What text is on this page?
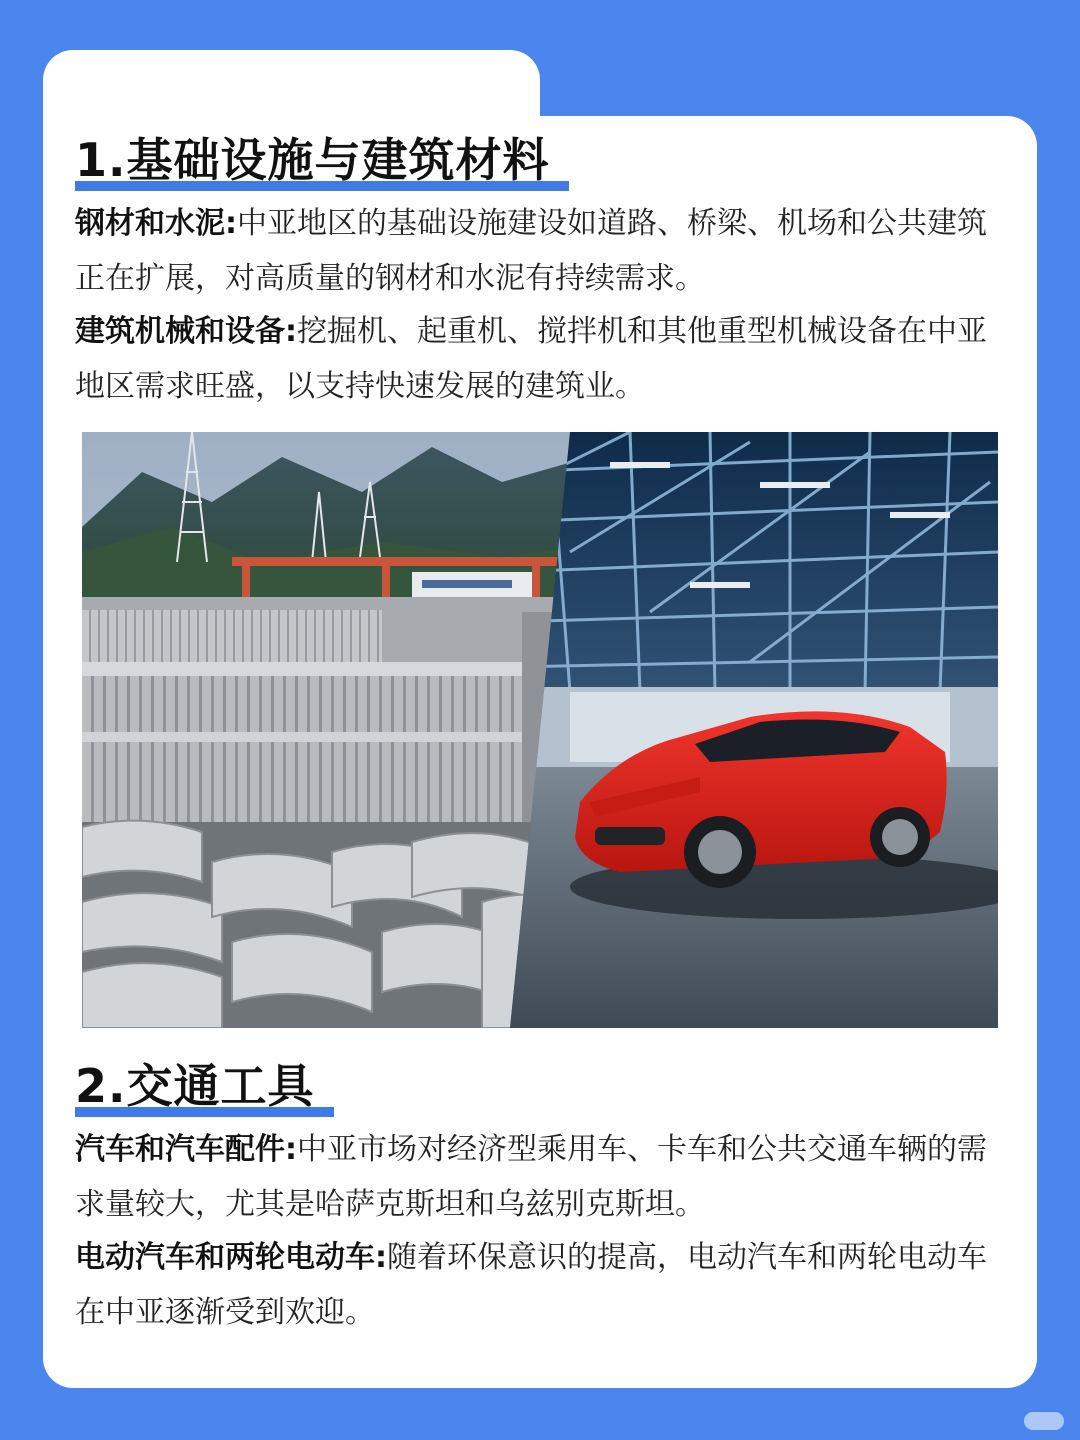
1.基础设施与建筑材料

钢材和水泥:中亚地区的基础设施建设如道路、桥梁、机场和公共建筑正在扩展，对高质量的钢材和水泥有持续需求。

建筑机械和设备:挖掘机、起重机、搅拌机和其他重型机械设备在中亚地区需求旺盛，以支持快速发展的建筑业。

2.交通工具

汽车和汽车配件:中亚市场对经济型乘用车、卡车和公共交通车辆的需求量较大，尤其是哈萨克斯坦和乌兹别克斯坦。

电动汽车和两轮电动车:随着环保意识的提高，电动汽车和两轮电动车在中亚逐渐受到欢迎。
